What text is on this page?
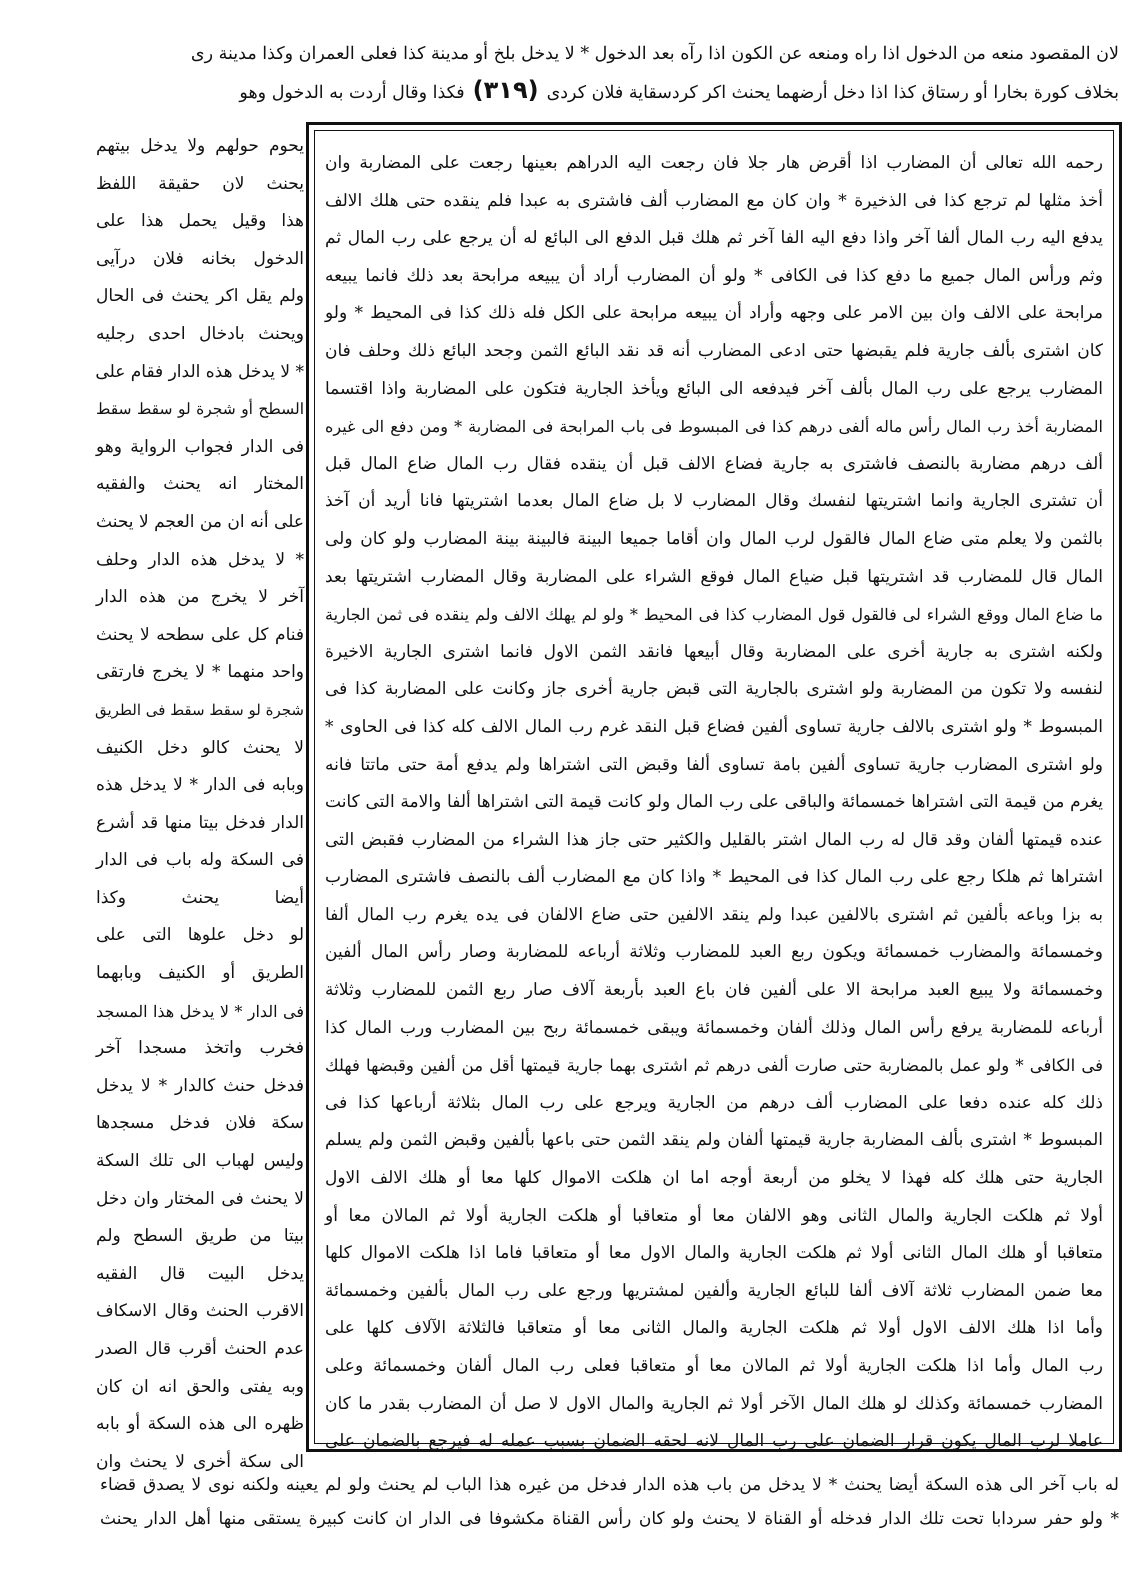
لان المقصود منعه من الدخول اذا راه ومنعه عن الكون اذا رآه بعد الدخول * لا يدخل بلخ أو مدينة كذا فعلى العمران وكذا مدينة رى
بخلاف كورة بخارا أو رستاق كذا اذا دخل أرضهما يحنث اكر كردسقاية فلان كردى(٣١٩)فكذا وقال أردت به الدخول وهو
يحوم حولهم ولا يدخل بيتهم
يحنث لان حقيقة اللفظ
هذا وقيل يحمل هذا على
الدخول بخانه فلان درآيى
ولم يقل اكر يحنث فى الحال
ويحنث بادخال احدى رجليه
* لا يدخل هذه الدار فقام على
السطح أو شجرة لو سقط سقط
فى الدار فجواب الرواية وهو
المختار انه يحنث والفقيه
على أنه ان من العجم لا يحنث
* لا يدخل هذه الدار وحلف
آخر لا يخرج من هذه الدار
فنام كل على سطحه لا يحنث
واحد منهما * لا يخرج فارتقى
شجرة لو سقط سقط فى الطريق
لا يحنث كالو دخل الكنيف
وبابه فى الدار * لا يدخل هذه
الدار فدخل بيتا منها قد أشرع
فى السكة وله باب فى الدار
أيضا يحنث وكذا
لو دخل علوها التى على
الطريق أو الكنيف وبابهما
فى الدار * لا يدخل هذا المسجد
فخرب واتخذ مسجدا آخر
فدخل حنث كالدار * لا يدخل
سكة فلان فدخل مسجدها
وليس لهباب الى تلك السكة
لا يحنث فى المختار وان دخل
بيتا من طريق السطح ولم
يدخل البيت قال الفقيه
الاقرب الحنث وقال الاسكاف
عدم الحنث أقرب قال الصدر
وبه يفتى والحق انه ان كان
ظهره الى هذه السكة أو بابه
الى سكة أخرى لا يحنث وان
رحمه الله تعالى أن المضارب اذا أقرض هار جلا فان رجعت اليه الدراهم بعينها رجعت على المضاربة وان
أخذ مثلها لم ترجع كذا فى الذخيرة * وان كان مع المضارب ألف فاشترى به عبدا فلم ينقده حتى هلك الالف
يدفع اليه رب المال ألفا آخر واذا دفع اليه الفا آخر ثم هلك قبل الدفع الى البائع له أن يرجع على رب المال ثم
وثم ورأس المال جميع ما دفع كذا فى الكافى * ولو أن المضارب أراد أن يبيعه مرابحة بعد ذلك فانما يبيعه
مرابحة على الالف وان بين الامر على وجهه وأراد أن يبيعه مرابحة على الكل فله ذلك كذا فى المحيط * ولو
كان اشترى بألف جارية فلم يقبضها حتى ادعى المضارب أنه قد نقد البائع الثمن وجحد البائع ذلك وحلف فان
المضارب يرجع على رب المال بألف آخر فيدفعه الى البائع ويأخذ الجارية فتكون على المضاربة واذا اقتسما
المضاربة أخذ رب المال رأس ماله ألفى درهم كذا فى المبسوط فى باب المرابحة فى المضاربة * ومن دفع الى غيره
ألف درهم مضاربة بالنصف فاشترى به جارية فضاع الالف قبل أن ينقده فقال رب المال ضاع المال قبل
أن تشترى الجارية وانما اشتريتها لنفسك وقال المضارب لا بل ضاع المال بعدما اشتريتها فانا أريد أن آخذ
بالثمن ولا يعلم متى ضاع المال فالقول لرب المال وان أقاما جميعا البينة فالبينة بينة المضارب ولو كان ولى
المال قال للمضارب قد اشتريتها قبل ضياع المال فوقع الشراء على المضاربة وقال المضارب اشتريتها بعد
ما ضاع المال ووقع الشراء لى فالقول قول المضارب كذا فى المحيط * ولو لم يهلك الالف ولم ينقده فى ثمن الجارية
ولكنه اشترى به جارية أخرى على المضاربة وقال أبيعها فانقد الثمن الاول فانما اشترى الجارية الاخيرة
لنفسه ولا تكون من المضاربة ولو اشترى بالجارية التى قبض جارية أخرى جاز وكانت على المضاربة كذا فى
المبسوط * ولو اشترى بالالف جارية تساوى ألفين فضاع قبل النقد غرم رب المال الالف كله كذا فى الحاوى *
ولو اشترى المضارب جارية تساوى ألفين بامة تساوى ألفا وقبض التى اشتراها ولم يدفع أمة حتى ماتتا فانه
يغرم من قيمة التى اشتراها خمسمائة والباقى على رب المال ولو كانت قيمة التى اشتراها ألفا والامة التى كانت
عنده قيمتها ألفان وقد قال له رب المال اشتر بالقليل والكثير حتى جاز هذا الشراء من المضارب فقبض التى
اشتراها ثم هلكا رجع على رب المال كذا فى المحيط * واذا كان مع المضارب ألف بالنصف فاشترى المضارب
به بزا وباعه بألفين ثم اشترى بالالفين عبدا ولم ينقد الالفين حتى ضاع الالفان فى يده يغرم رب المال ألفا
وخمسمائة والمضارب خمسمائة ويكون ربع العبد للمضارب وثلاثة أرباعه للمضاربة وصار رأس المال ألفين
وخمسمائة ولا يبيع العبد مرابحة الا على ألفين فان باع العبد بأربعة آلاف صار ربع الثمن للمضارب وثلاثة
أرباعه للمضاربة يرفع رأس المال وذلك ألفان وخمسمائة ويبقى خمسمائة ربح بين المضارب ورب المال كذا
فى الكافى * ولو عمل بالمضاربة حتى صارت ألفى درهم ثم اشترى بهما جارية قيمتها أقل من ألفين وقبضها فهلك
ذلك كله عنده دفعا على المضارب ألف درهم من الجارية ويرجع على رب المال بثلاثة أرباعها كذا فى
المبسوط * اشترى بألف المضاربة جارية قيمتها ألفان ولم ينقد الثمن حتى باعها بألفين وقبض الثمن ولم يسلم
الجارية حتى هلك كله فهذا لا يخلو من أربعة أوجه اما ان هلكت الاموال كلها معا أو هلك الالف الاول
أولا ثم هلكت الجارية والمال الثانى وهو الالفان معا أو متعاقبا أو هلكت الجارية أولا ثم المالان معا أو
متعاقبا أو هلك المال الثانى أولا ثم هلكت الجارية والمال الاول معا أو متعاقبا فاما اذا هلكت الاموال كلها
معا ضمن المضارب ثلاثة آلاف ألفا للبائع الجارية وألفين لمشتريها ورجع على رب المال بألفين وخمسمائة
وأما اذا هلك الالف الاول أولا ثم هلكت الجارية والمال الثانى معا أو متعاقبا فالثلاثة الآلاف كلها على
رب المال وأما اذا هلكت الجارية أولا ثم المالان معا أو متعاقبا فعلى رب المال ألفان وخمسمائة وعلى
المضارب خمسمائة وكذلك لو هلك المال الآخر أولا ثم الجارية والمال الاول لا صل أن المضارب بقدر ما كان
عاملا لرب المال يكون قرار الضمان على رب المال لانه لحقه الضمان بسبب عمله له فيرجع بالضمان على
له باب آخر الى هذه السكة أيضا يحنث * لا يدخل من باب هذه الدار فدخل من غيره هذا الباب لم يحنث ولو لم يعينه ولكنه نوى لا يصدق قضاء
* ولو حفر سردابا تحت تلك الدار فدخله أو القناة لا يحنث ولو كان رأس القناة مكشوفا فى الدار ان كانت كبيرة يستقى منها أهل الدار يحنث
